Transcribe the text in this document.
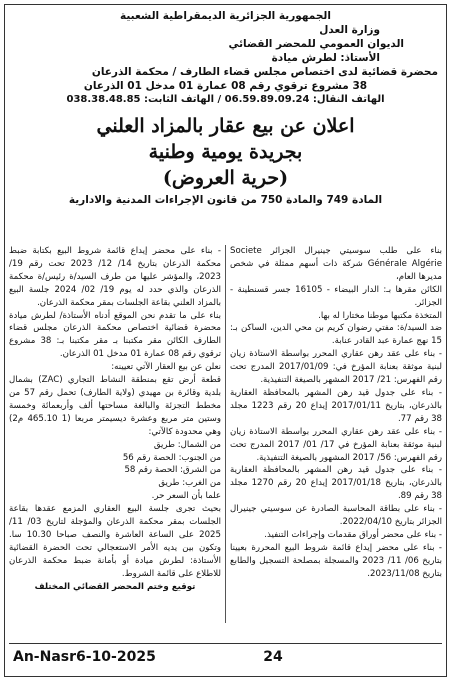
الجمهورية الجزائرية الديمقراطية الشعبية
وزارة العدل
الديوان العمومي للمحضر القضائي
الأستاذ: لطرش ميادة
محضرة قضائية لدى اختصاص مجلس قضاء الطارف / محكمة الذرعان
38 مشروع ترقوي رقم 08 عمارة 01 مدخل 01 الذرعان
الهاتف النقال: 06.59.89.09.24 / الهاتف الثابت: 038.38.48.85
اعلان عن بيع عقار بالمزاد العلني
بجريدة يومية وطنية
(حرية العروض)
المادة 749 والمادة 750 من قانون الإجراءات المدنية والادارية

بناء على طلب سوسيتي جينيرال الجزائر Societe Générale Algérie شركة ذات أسهم ممثلة في شخص مديرها العام،

الكائن مقرها بـ: الدار البيضاء - 16105 جسر قسنطينة - الجزائر.

المتخذة مكتبها موطنا مختارا له بها.

ضد السيد/ة: مفتي رضوان كريم بن محي الدين، الساكن بـ: 15 نهج عمارة عبد القادر عنابة.

- بناء على عقد رهن عقاري المحرر بواسطة الاستاذة زيان لبنية موثقة بعنابة المؤرخ في: 2017/01/09 المدرج تحت رقم الفهرس: 21/ 2017 المشهر بالصيغة التنفيذية.

- بناء على جدول قيد رهن المشهر بالمحافظة العقارية بالذرعان، بتاريخ 2017/01/11 إيداع 20 رقم 1223 مجلد 38 رقم 77.

- بناء على عقد رهن عقاري المحرر بواسطة الاستاذة زيان لبنية موثقة بعنابة المؤرخ في 17/ 01/ 2017 المدرج تحت رقم الفهرس: 56/ 2017 المشهور بالصيغة التنفيذية.

- بناء على جدول قيد رهن المشهر بالمحافظة العقارية بالذرعان، بتاريخ 2017/01/18 إيداع 20 رقم 1270 مجلد 38 رقم 89.

- بناء على بطاقة المحاسبة الصادرة عن سوسيتي جينيرال الجزائر بتاريخ 2022/04/10.

- بناء على محضر أوراق مقدمات وإجراءات التنفيذ.

- بناء على محضر إيداع قائمة شروط البيع المحررة بعيينا بتاريخ 06/ 11/ 2023 والمسجلة بمصلحة التسجيل والطابع بتاريخ 2023/11/08.

- بناء على محضر إيداع قائمة شروط البيع بكتابة ضبط محكمة الذرعان بتاريخ 14/ 12/ 2023 تحت رقم 19/ 2023، والمؤشر عليها من طرف السيد/ة رئيس/ة محكمة الذرعان والذي حدد له يوم 19/ 02/ 2024 جلسة البيع بالمزاد العلني بقاعة الجلسات بمقر محكمة الذرعان.

بناء على ما تقدم نحن الموقع أدناه الأستاذة/ لطرش ميادة محضرة قضائية اختصاص محكمة الذرعان مجلس قضاء الطارف الكائن مقر مكتبنا بـ مقر مكتبنا بـ: 38 مشروع ترقوي رقم 08 عمارة 01 مدخل 01 الذرعان.

نعلن عن بيع العقار الآتي تعيينه:

قطعة أرض تقع بمنطقة النشاط التجاري (ZAC) بشمال بلدية وقائرة بن مهيدي (ولاية الطارف) تحمل رقم 57 من مخطط التجزئة والبالغة مساحتها ألف وأربعمائة وخمسة وستين متر مربع وعشرة ديسيمتر مربعا (1 465.10 م2) وهي محدودة كالآتي:

من الشمال: طريق

من الجنوب: الحصة رقم 56

من الشرق: الحصة رقم 58

من الغرب: طريق

علما بأن السعر حر.

بحيث تجرى جلسة البيع العقاري المزمع عقدها بقاعة الجلسات بمقر محكمة الذرعان والمؤجلة لتاريخ 03/ 11/ 2025 على الساعة العاشرة والنصف صباحا 10.30 سا. وتكون بين يديه الأمر الاستعجالي تحت الحضرة القضائية الأستاذة: لطرش ميادة أو بأمانة ضبط محكمة الذرعان للاطلاع على قائمة الشروط.

توقيع وختم المحضر القضائي المختلف

An-Nasr6-10-2025	24
